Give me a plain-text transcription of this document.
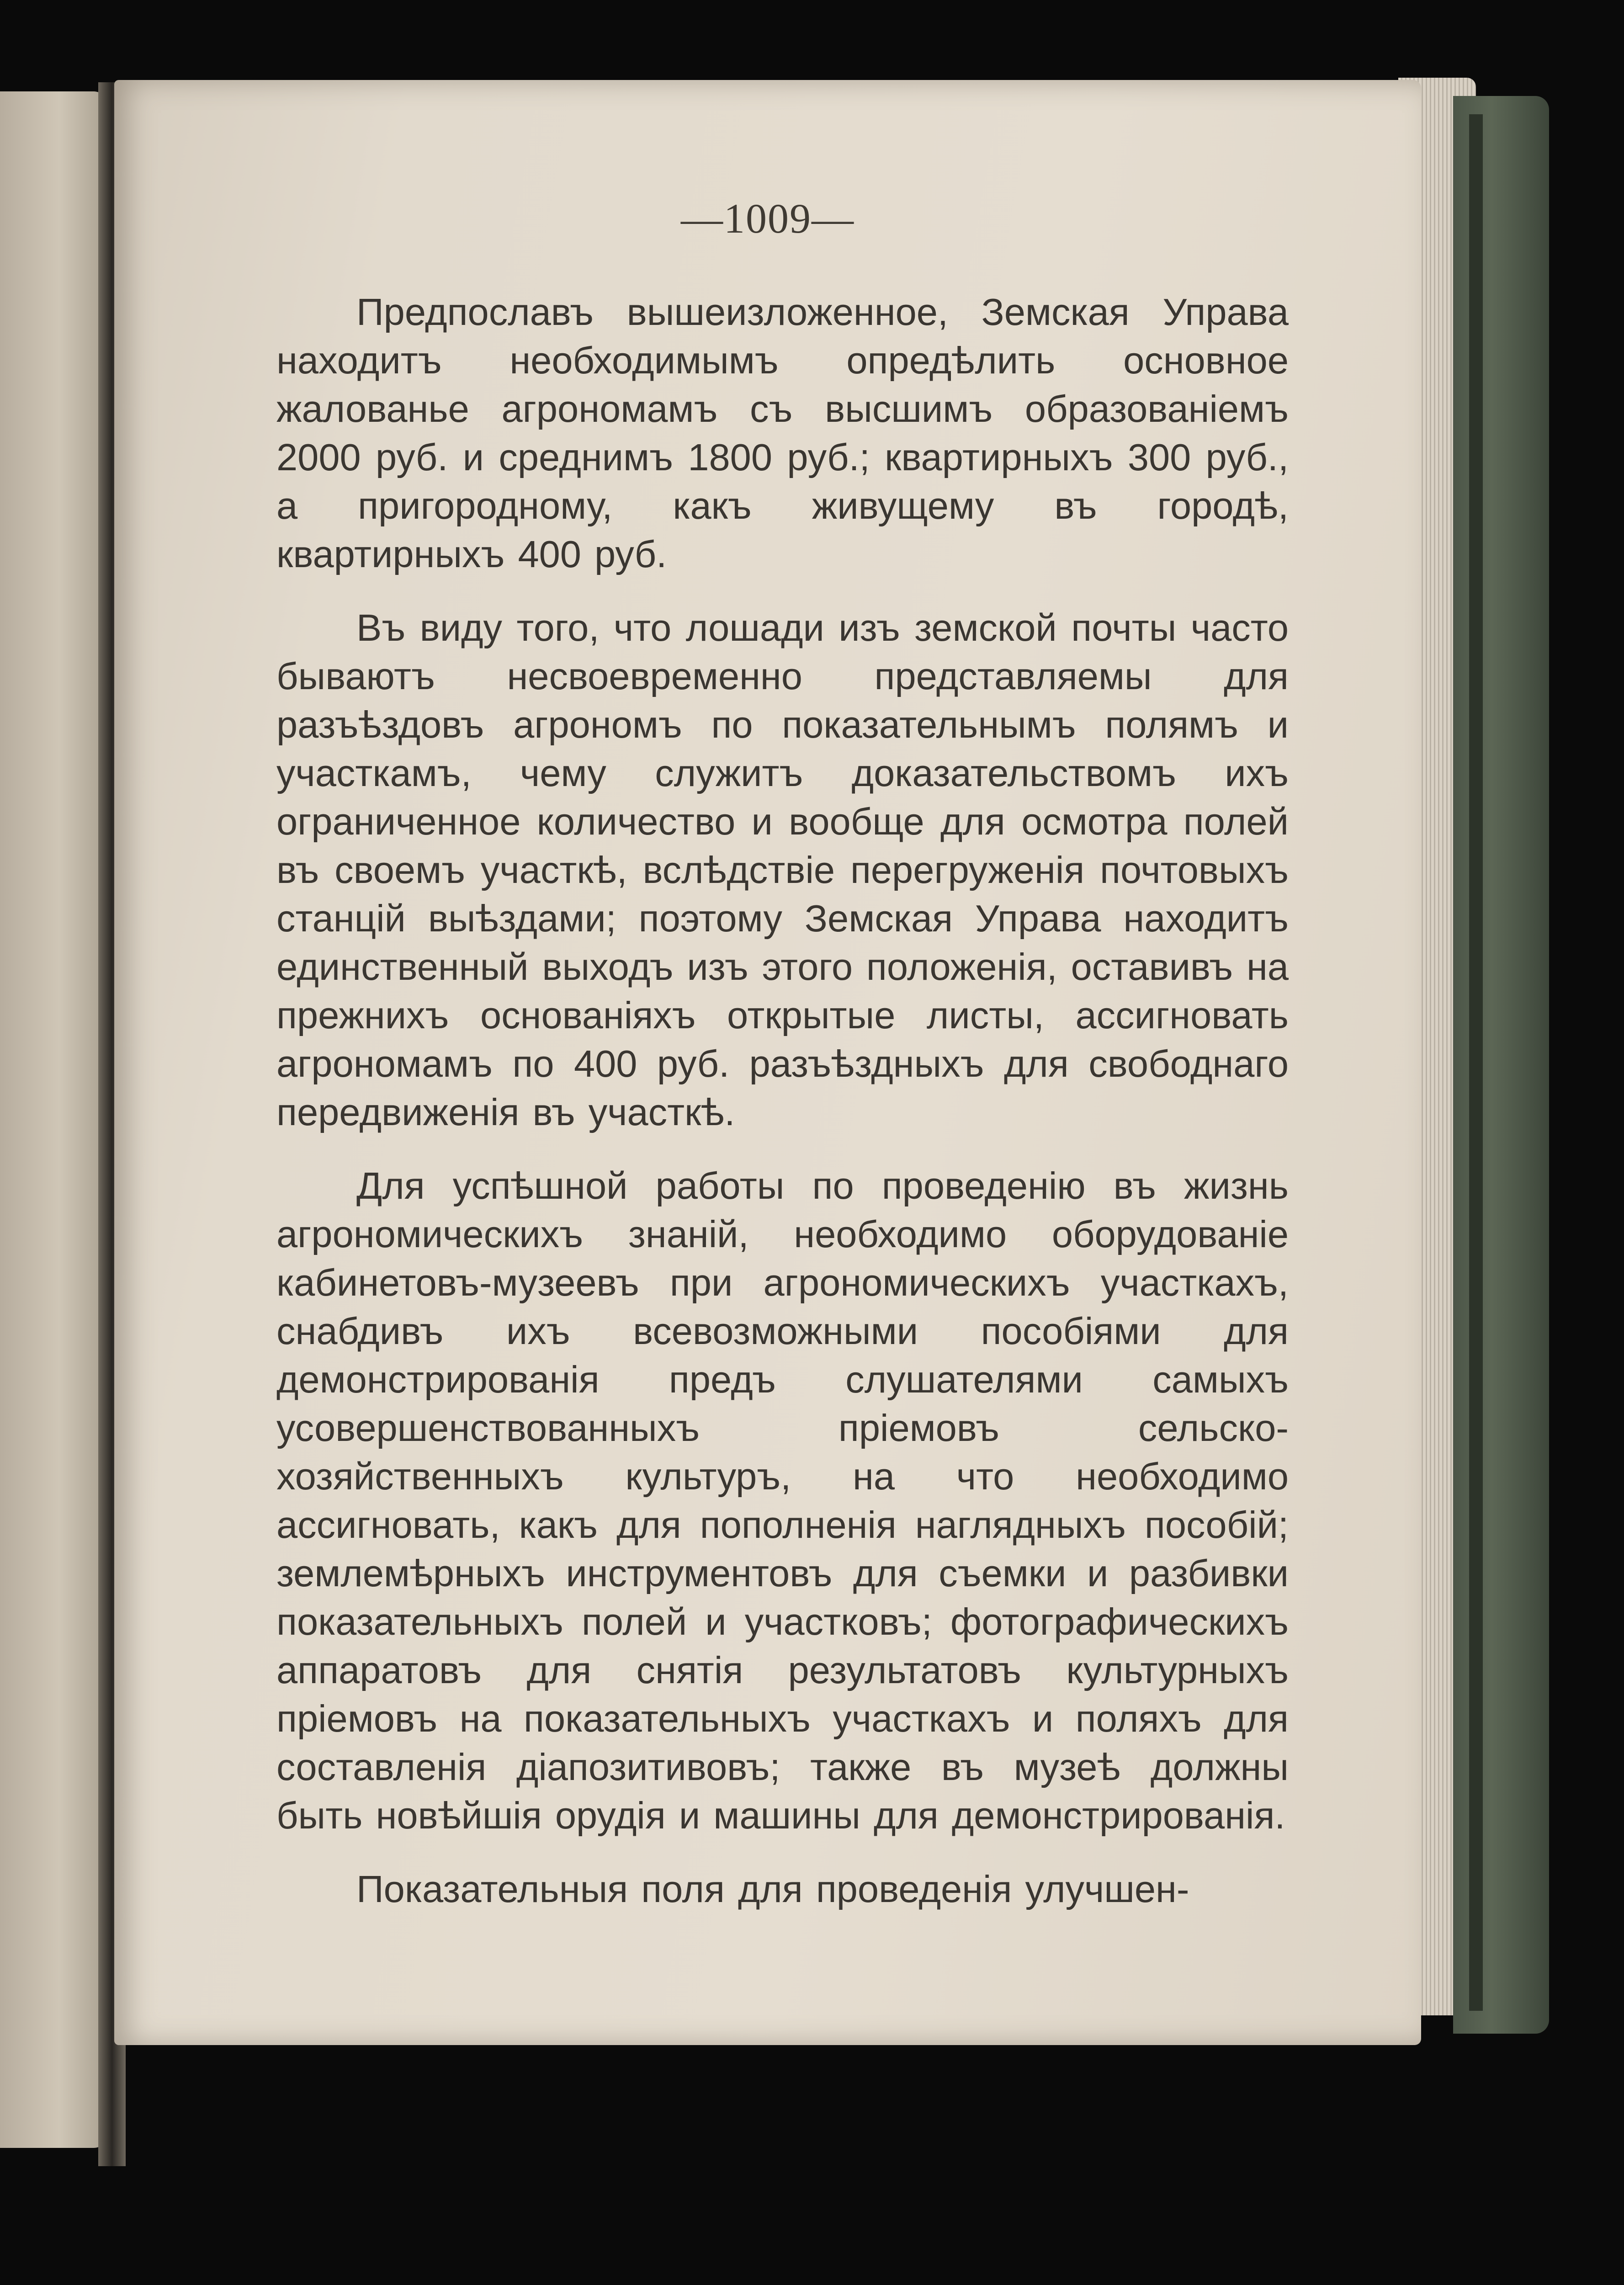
—1009—

Предпославъ вышеизложенное, Земская Управа находитъ необходимымъ опредѣлить основное жалованье агрономамъ съ высшимъ образованіемъ 2000 руб. и среднимъ 1800 руб.; квартирныхъ 300 руб., а пригородному, какъ живущему въ городѣ, квартирныхъ 400 руб.

Въ виду того, что лошади изъ земской почты часто бываютъ несвоевременно представляемы для разъѣздовъ агрономъ по показательнымъ полямъ и участкамъ, чему служитъ доказательствомъ ихъ ограниченное количество и вообще для осмотра полей въ своемъ участкѣ, вслѣдствіе перегруженія почтовыхъ станцій выѣздами; поэтому Земская Управа находитъ единственный выходъ изъ этого положенія, оставивъ на прежнихъ основаніяхъ открытые листы, ассигновать агрономамъ по 400 руб. разъѣздныхъ для свободнаго передвиженія въ участкѣ.

Для успѣшной работы по проведенію въ жизнь агрономическихъ знаній, необходимо оборудованіе кабинетовъ-музеевъ при агрономическихъ участкахъ, снабдивъ ихъ всевозможными пособіями для демонстрированія предъ слушателями самыхъ усовершенствованныхъ пріемовъ сельско-хозяйственныхъ культуръ, на что необходимо ассигновать, какъ для пополненія наглядныхъ пособій; землемѣрныхъ инструментовъ для съемки и разбивки показательныхъ полей и участковъ; фотографическихъ аппаратовъ для снятія результатовъ культурныхъ пріемовъ на показательныхъ участкахъ и поляхъ для составленія діапозитивовъ; также въ музеѣ должны быть новѣйшія орудія и машины для демонстрированія.

Показательныя поля для проведенія улучшен-
